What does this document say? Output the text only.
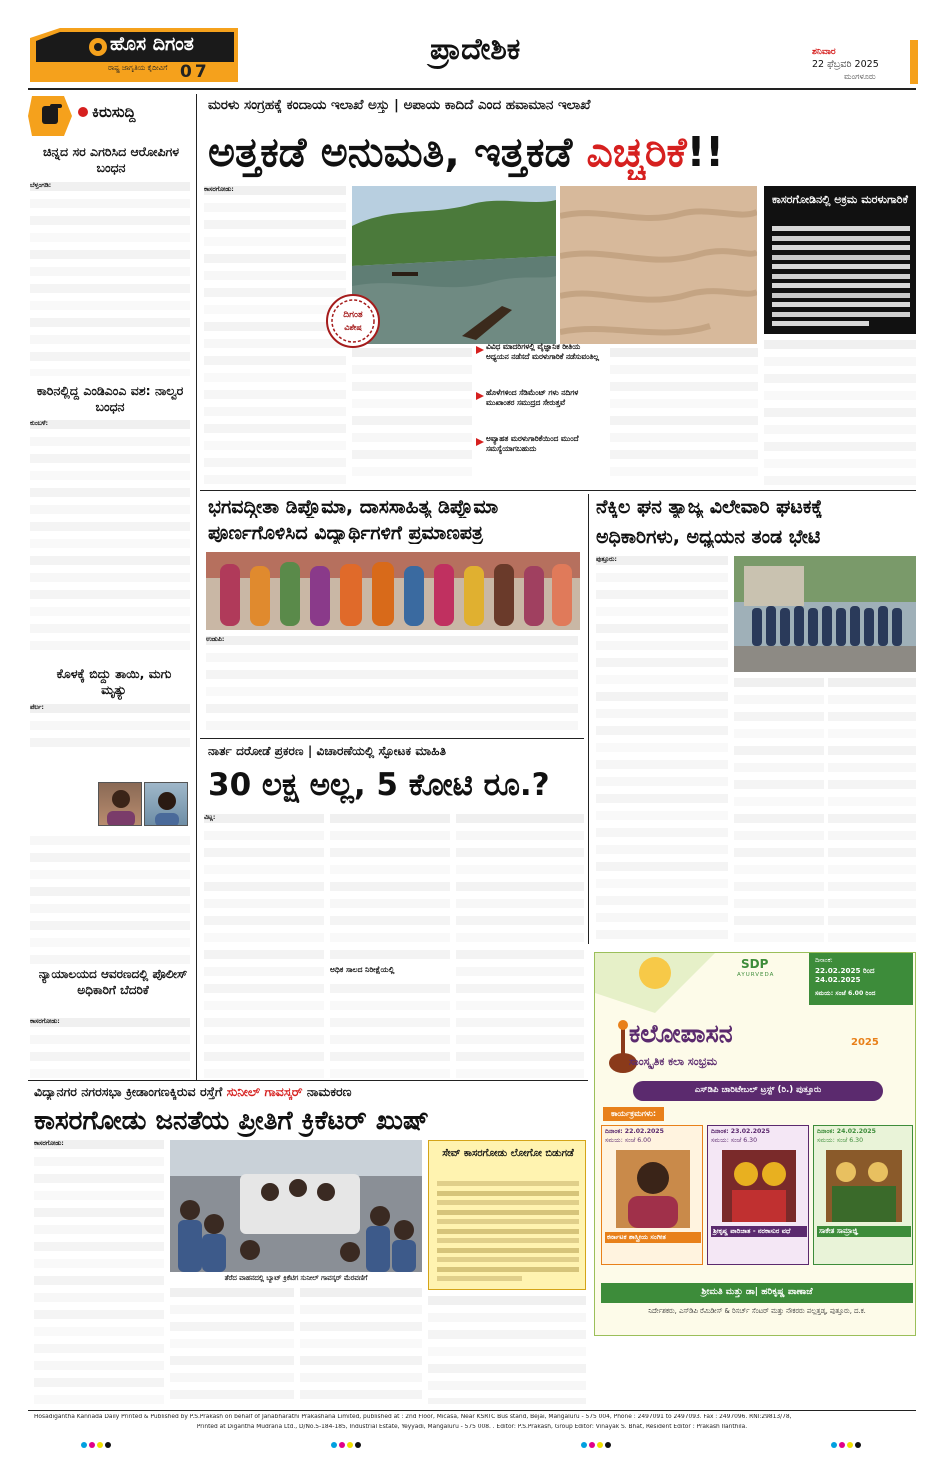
ಹೊಸ ದಿಗಂತ
ರಾಷ್ಟ್ರ ಜಾಗೃತಿಯ ಕೈದೀವಿಗೆ 07
ಪ್ರಾದೇಶಿಕ	ಶನಿವಾರ
22 ಫೆಬ್ರವರಿ 2025
ಮಂಗಳೂರು
ಕಿರುಸುದ್ದಿ
ಚಿನ್ನದ ಸರ ಎಗರಿಸಿದ ಆರೋಪಿಗಳ ಬಂಧನ
ಬೆಳ್ತಂಗಡಿ:
ಕಾರಿನಲ್ಲಿದ್ದ ಎಂಡಿಎಂಎ ವಶ: ನಾಲ್ವರ ಬಂಧನ
ಕುಂಬಳೆ:
ಕೊಳಕ್ಕೆ ಬಿದ್ದು ತಾಯಿ, ಮಗು ಮೃತ್ಯು
ಪೆರ್ಲ:
ನ್ಯಾಯಾಲಯದ ಆವರಣದಲ್ಲಿ ಪೊಲೀಸ್ ಅಧಿಕಾರಿಗೆ ಬೆದರಿಕೆ
ಕಾಸರಗೋಡು:
ಮರಳು ಸಂಗ್ರಹಕ್ಕೆ ಕಂದಾಯ ಇಲಾಖೆ ಅಸ್ತು | ಅಪಾಯ ಕಾದಿದೆ ಎಂದ ಹವಾಮಾನ ಇಲಾಖೆ
ಅತ್ತಕಡೆ ಅನುಮತಿ, ಇತ್ತಕಡೆ ಎಚ್ಚರಿಕೆ!!
ಕಾಸರಗೋಡು:
ದಿಗಂತ
ವಿಶೇಷ
ವಿವಿಧ ಮಾದರಿಗಳಲ್ಲಿ ವೈಜ್ಞಾನಿಕ ರೀತಿಯ ಅಧ್ಯಯನ ನಡೆಸದೆ ಮರಳುಗಾರಿಕೆ ನಡೆಸುವಂತಿಲ್ಲ
ಹೊಳೆಗಳಿಂದ ಸೆಡಿಮೆಂಟ್ ಗಳು ನದಿಗಳ ಮುಖಾಂತರ ಸಮುದ್ರದ ಸೇರುತ್ತವೆ
ಅವ್ಯಾಹತ ಮರಳುಗಾರಿಕೆಯಿಂದ ಮುಂದೆ ಸಮಸ್ಯೆಯಾಗಬಹುದು
ಕಾಸರಗೋಡಿನಲ್ಲಿ ಅಕ್ರಮ ಮರಳುಗಾರಿಕೆ
ಭಗವದ್ಗೀತಾ ಡಿಪ್ಲೊಮಾ, ದಾಸಸಾಹಿತ್ಯ ಡಿಪ್ಲೊಮಾ
ಪೂರ್ಣಗೊಳಿಸಿದ ವಿದ್ಯಾರ್ಥಿಗಳಿಗೆ ಪ್ರಮಾಣಪತ್ರ
ಉಡುಪಿ:
ನೆಕ್ಕಿಲ ಘನ ತ್ಯಾಜ್ಯ ವಿಲೇವಾರಿ ಘಟಕಕ್ಕೆ
ಅಧಿಕಾರಿಗಳು, ಅಧ್ಯಯನ ತಂಡ ಭೇಟಿ
ಪುತ್ತೂರು:
ನಾರ್ತ ದರೋಡೆ ಪ್ರಕರಣ | ವಿಚಾರಣೆಯಲ್ಲಿ ಸ್ಫೋಟಕ ಮಾಹಿತಿ
30 ಲಕ್ಷ ಅಲ್ಲ, 5 ಕೋಟಿ ರೂ.?
ವಿಟ್ಲ:
ಅಧಿಕ ಸಾಲದ ನಿರೀಕ್ಷೆಯಲ್ಲಿ	SDP
AYURVEDA
ದಿನಾಂಕ:
22.02.2025 ರಿಂದ 24.02.2025
ಸಮಯ: ಸಂಜೆ 6.00 ರಿಂದ
ಕಲೋಪಾಸನ	2025
ಸಾಂಸ್ಕೃತಿಕ ಕಲಾ ಸಂಭ್ರಮ
ಎಸ್‌ಡಿಪಿ ಚಾರಿಟೇಬಲ್ ಟ್ರಸ್ಟ್ (ರಿ.) ಪುತ್ತೂರು
ಕಾರ್ಯಕ್ರಮಗಳು:
ದಿನಾಂಕ: 22.02.2025
ಸಮಯ: ಸಂಜೆ 6.00
ಕರ್ನಾಟಕ ಶಾಸ್ತ್ರೀಯ ಸಂಗೀತ
ದಿನಾಂಕ: 23.02.2025
ಸಮಯ: ಸಂಜೆ 6.30
ಶ್ರೀಕೃಷ್ಣ ಪಾರಿಜಾತ - ನರಕಾಸುರ ವಧೆ
ದಿನಾಂಕ: 24.02.2025
ಸಮಯ: ಸಂಜೆ 6.30
ಸಾಕೇತ ಸಾಮ್ರಾಜ್ಞಿ
ಶ್ರೀಮತಿ ಮತ್ತು ಡಾ| ಹರಿಕೃಷ್ಣ ಪಾಣಾಜೆ
ನಿರ್ದೇಶಕರು, ಎಸ್‌ಡಿಪಿ ರೆಮಿಡೀಸ್ & ರಿಸರ್ಚ್ ಸೆಂಟರ್ ಮತ್ತು ನೌಕರರು ಪಲ್ಲತ್ತಡ್ಕ, ಪುತ್ತೂರು, ದ.ಕ.
ವಿದ್ಯಾನಗರ ನಗರಸಭಾ ಕ್ರೀಡಾಂಗಣಕ್ಕಿರುವ ರಸ್ತೆಗೆ ಸುನೀಲ್ ಗಾವಸ್ಕರ್ ನಾಮಕರಣ
ಕಾಸರಗೋಡು ಜನತೆಯ ಪ್ರೀತಿಗೆ ಕ್ರಿಕೆಟರ್ ಖುಷ್
ಕಾಸರಗೋಡು:
ತೆರೆದ ವಾಹನದಲ್ಲಿ ಬ್ಯಾಟ್ ಕ್ರಿಕೆಟಿಗ ಸುನೀಲ್ ಗಾವಸ್ಕರ್ ಮೆರವಣಿಗೆ
ಸೇವ್ ಕಾಸರಗೋಡು ಲೋಗೋ ಬಿಡುಗಡೆ
Hosadigantha Kannada Daily Printed & Published by P.S.Prakash on behalf of Janabharathi Prakashana Limited, published at : 2nd Floor, Micasa, Near KSRTC Bus stand, Bejai, Mangaluru - 575 004, Phone : 2497091 to 2497093. Fax : 2497096. RNI:29813/78,
Printed at Digantha Mudrana Ltd., D/No.5-184-185, Industrial Estate, Yeyyadi, Mangaluru - 575 008. . Editor: P.S.Prakash, Group Editor: Vinayak S. Bhat, Resident Editor : Prakash Ilanthila.
